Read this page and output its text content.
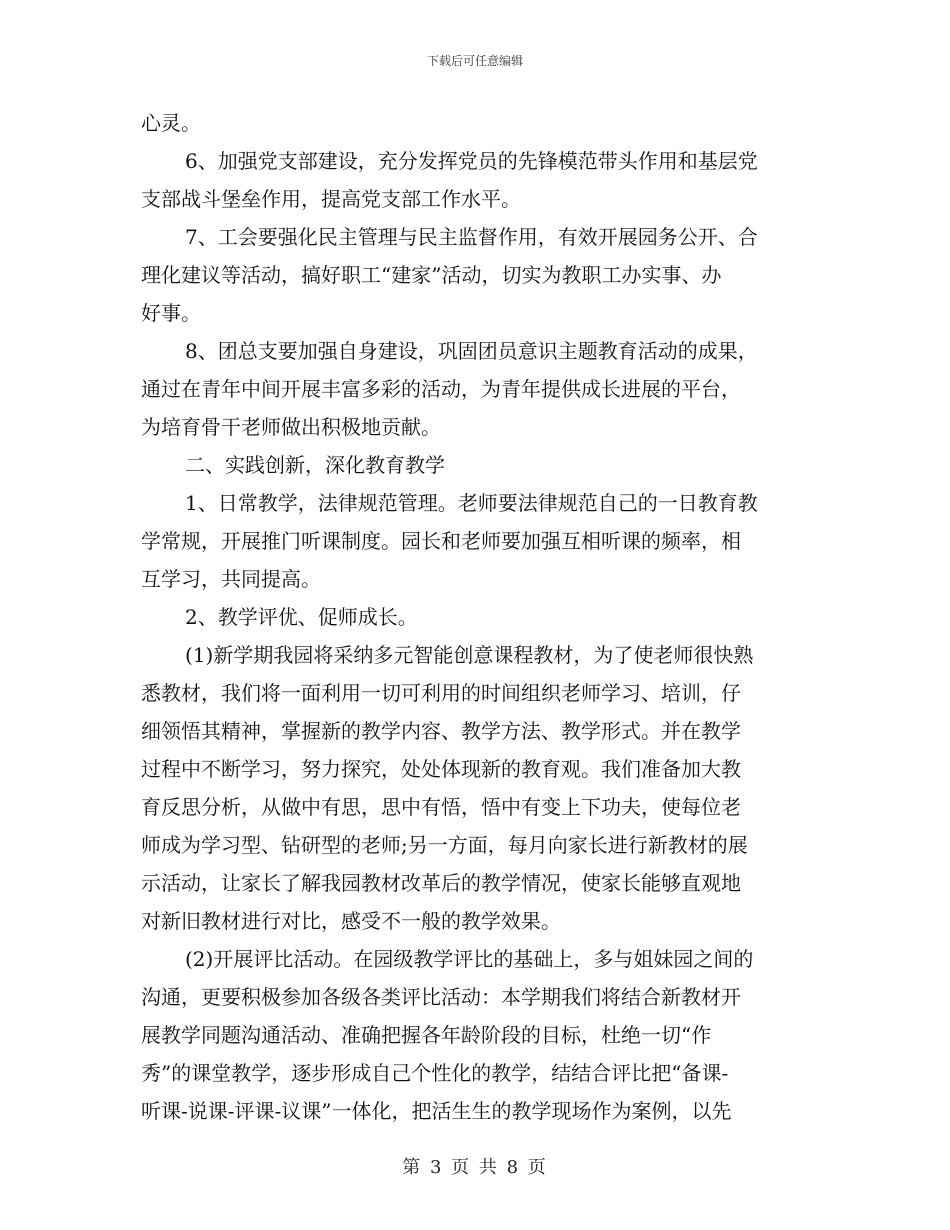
下载后可任意编辑
心灵。
6、加强党支部建设，充分发挥党员的先锋模范带头作用和基层党
支部战斗堡垒作用，提高党支部工作水平。
7、工会要强化民主管理与民主监督作用，有效开展园务公开、合
理化建议等活动，搞好职工“建家”活动，切实为教职工办实事、办
好事。
8、团总支要加强自身建设，巩固团员意识主题教育活动的成果，
通过在青年中间开展丰富多彩的活动，为青年提供成长进展的平台，
为培育骨干老师做出积极地贡献。
二、实践创新，深化教育教学
1、日常教学，法律规范管理。老师要法律规范自己的一日教育教
学常规，开展推门听课制度。园长和老师要加强互相听课的频率，相
互学习，共同提高。
2、教学评优、促师成长。
(1)新学期我园将采纳多元智能创意课程教材，为了使老师很快熟
悉教材，我们将一面利用一切可利用的时间组织老师学习、培训，仔
细领悟其精神，掌握新的教学内容、教学方法、教学形式。并在教学
过程中不断学习，努力探究，处处体现新的教育观。我们准备加大教
育反思分析，从做中有思，思中有悟，悟中有变上下功夫，使每位老
师成为学习型、钻研型的老师;另一方面，每月向家长进行新教材的展
示活动，让家长了解我园教材改革后的教学情况，使家长能够直观地
对新旧教材进行对比，感受不一般的教学效果。
(2)开展评比活动。在园级教学评比的基础上，多与姐妹园之间的
沟通，更要积极参加各级各类评比活动：本学期我们将结合新教材开
展教学同题沟通活动、准确把握各年龄阶段的目标，杜绝一切“作
秀”的课堂教学，逐步形成自己个性化的教学，结结合评比把“备课-
听课-说课-评课-议课”一体化，把活生生的教学现场作为案例，以先
第 3 页 共 8 页
